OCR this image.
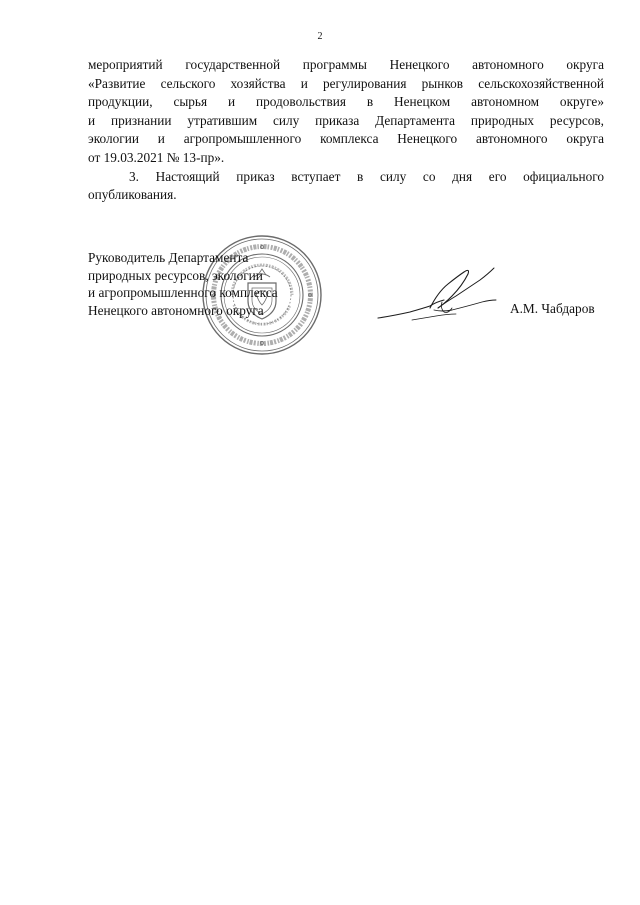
2
мероприятий государственной программы Ненецкого автономного округа
«Развитие сельского хозяйства и регулирования рынков сельскохозяйственной
продукции, сырья и продовольствия в Ненецком автономном округе»
и признании утратившим силу приказа Департамента природных ресурсов,
экологии и агропромышленного комплекса Ненецкого автономного округа
от 19.03.2021 № 13-пр».
3. Настоящий приказ вступает в силу со дня его официального
опубликования.
Руководитель Департамента
природных ресурсов, экологии
и агропромышленного комплекса
Ненецкого автономного округа	А.М. Чабдаров
